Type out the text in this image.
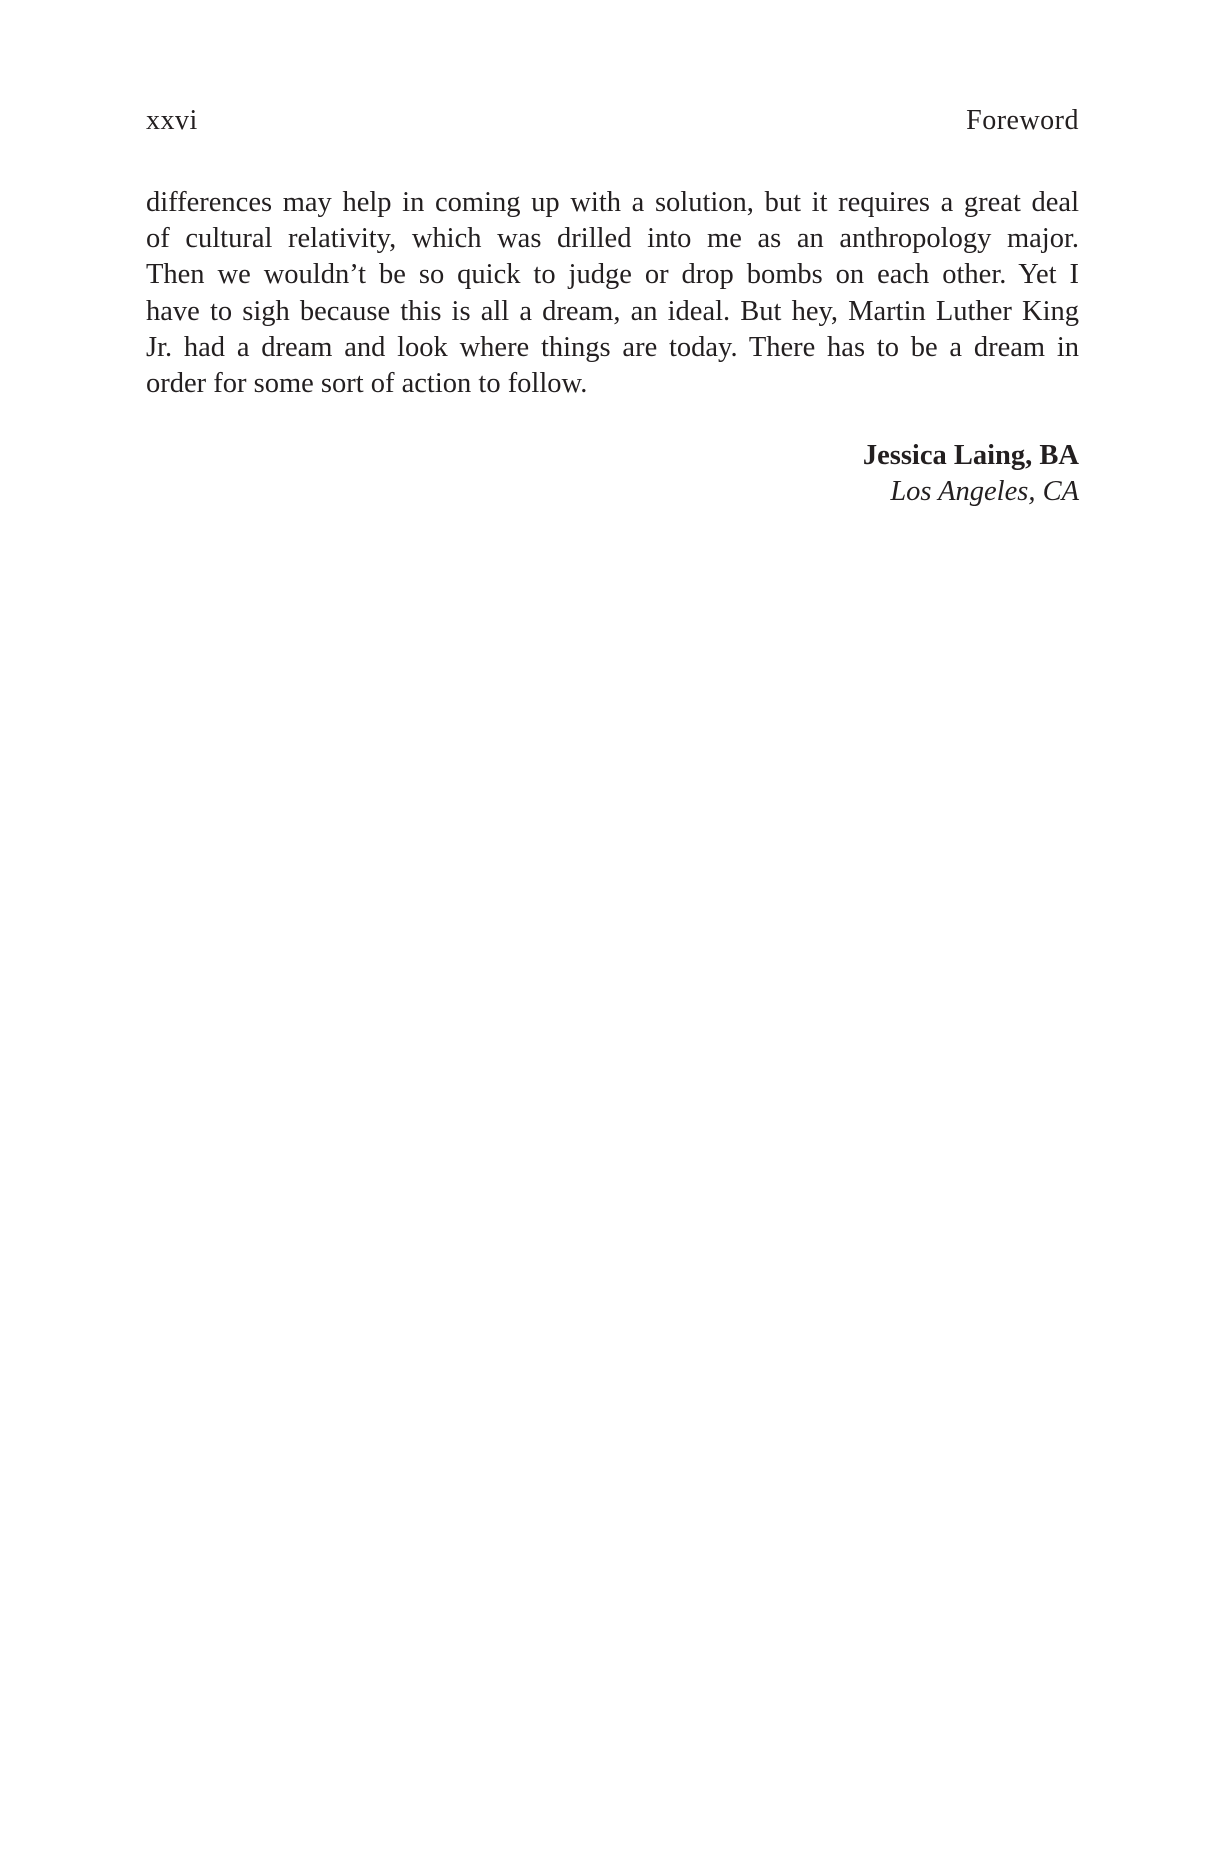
xxvi	Foreword

differences may help in coming up with a solution, but it requires a great deal
of cultural relativity, which was drilled into me as an anthropology major.
Then we wouldn’t be so quick to judge or drop bombs on each other. Yet I
have to sigh because this is all a dream, an ideal. But hey, Martin Luther King
Jr. had a dream and look where things are today. There has to be a dream in
order for some sort of action to follow.

Jessica Laing, BA
Los Angeles, CA
